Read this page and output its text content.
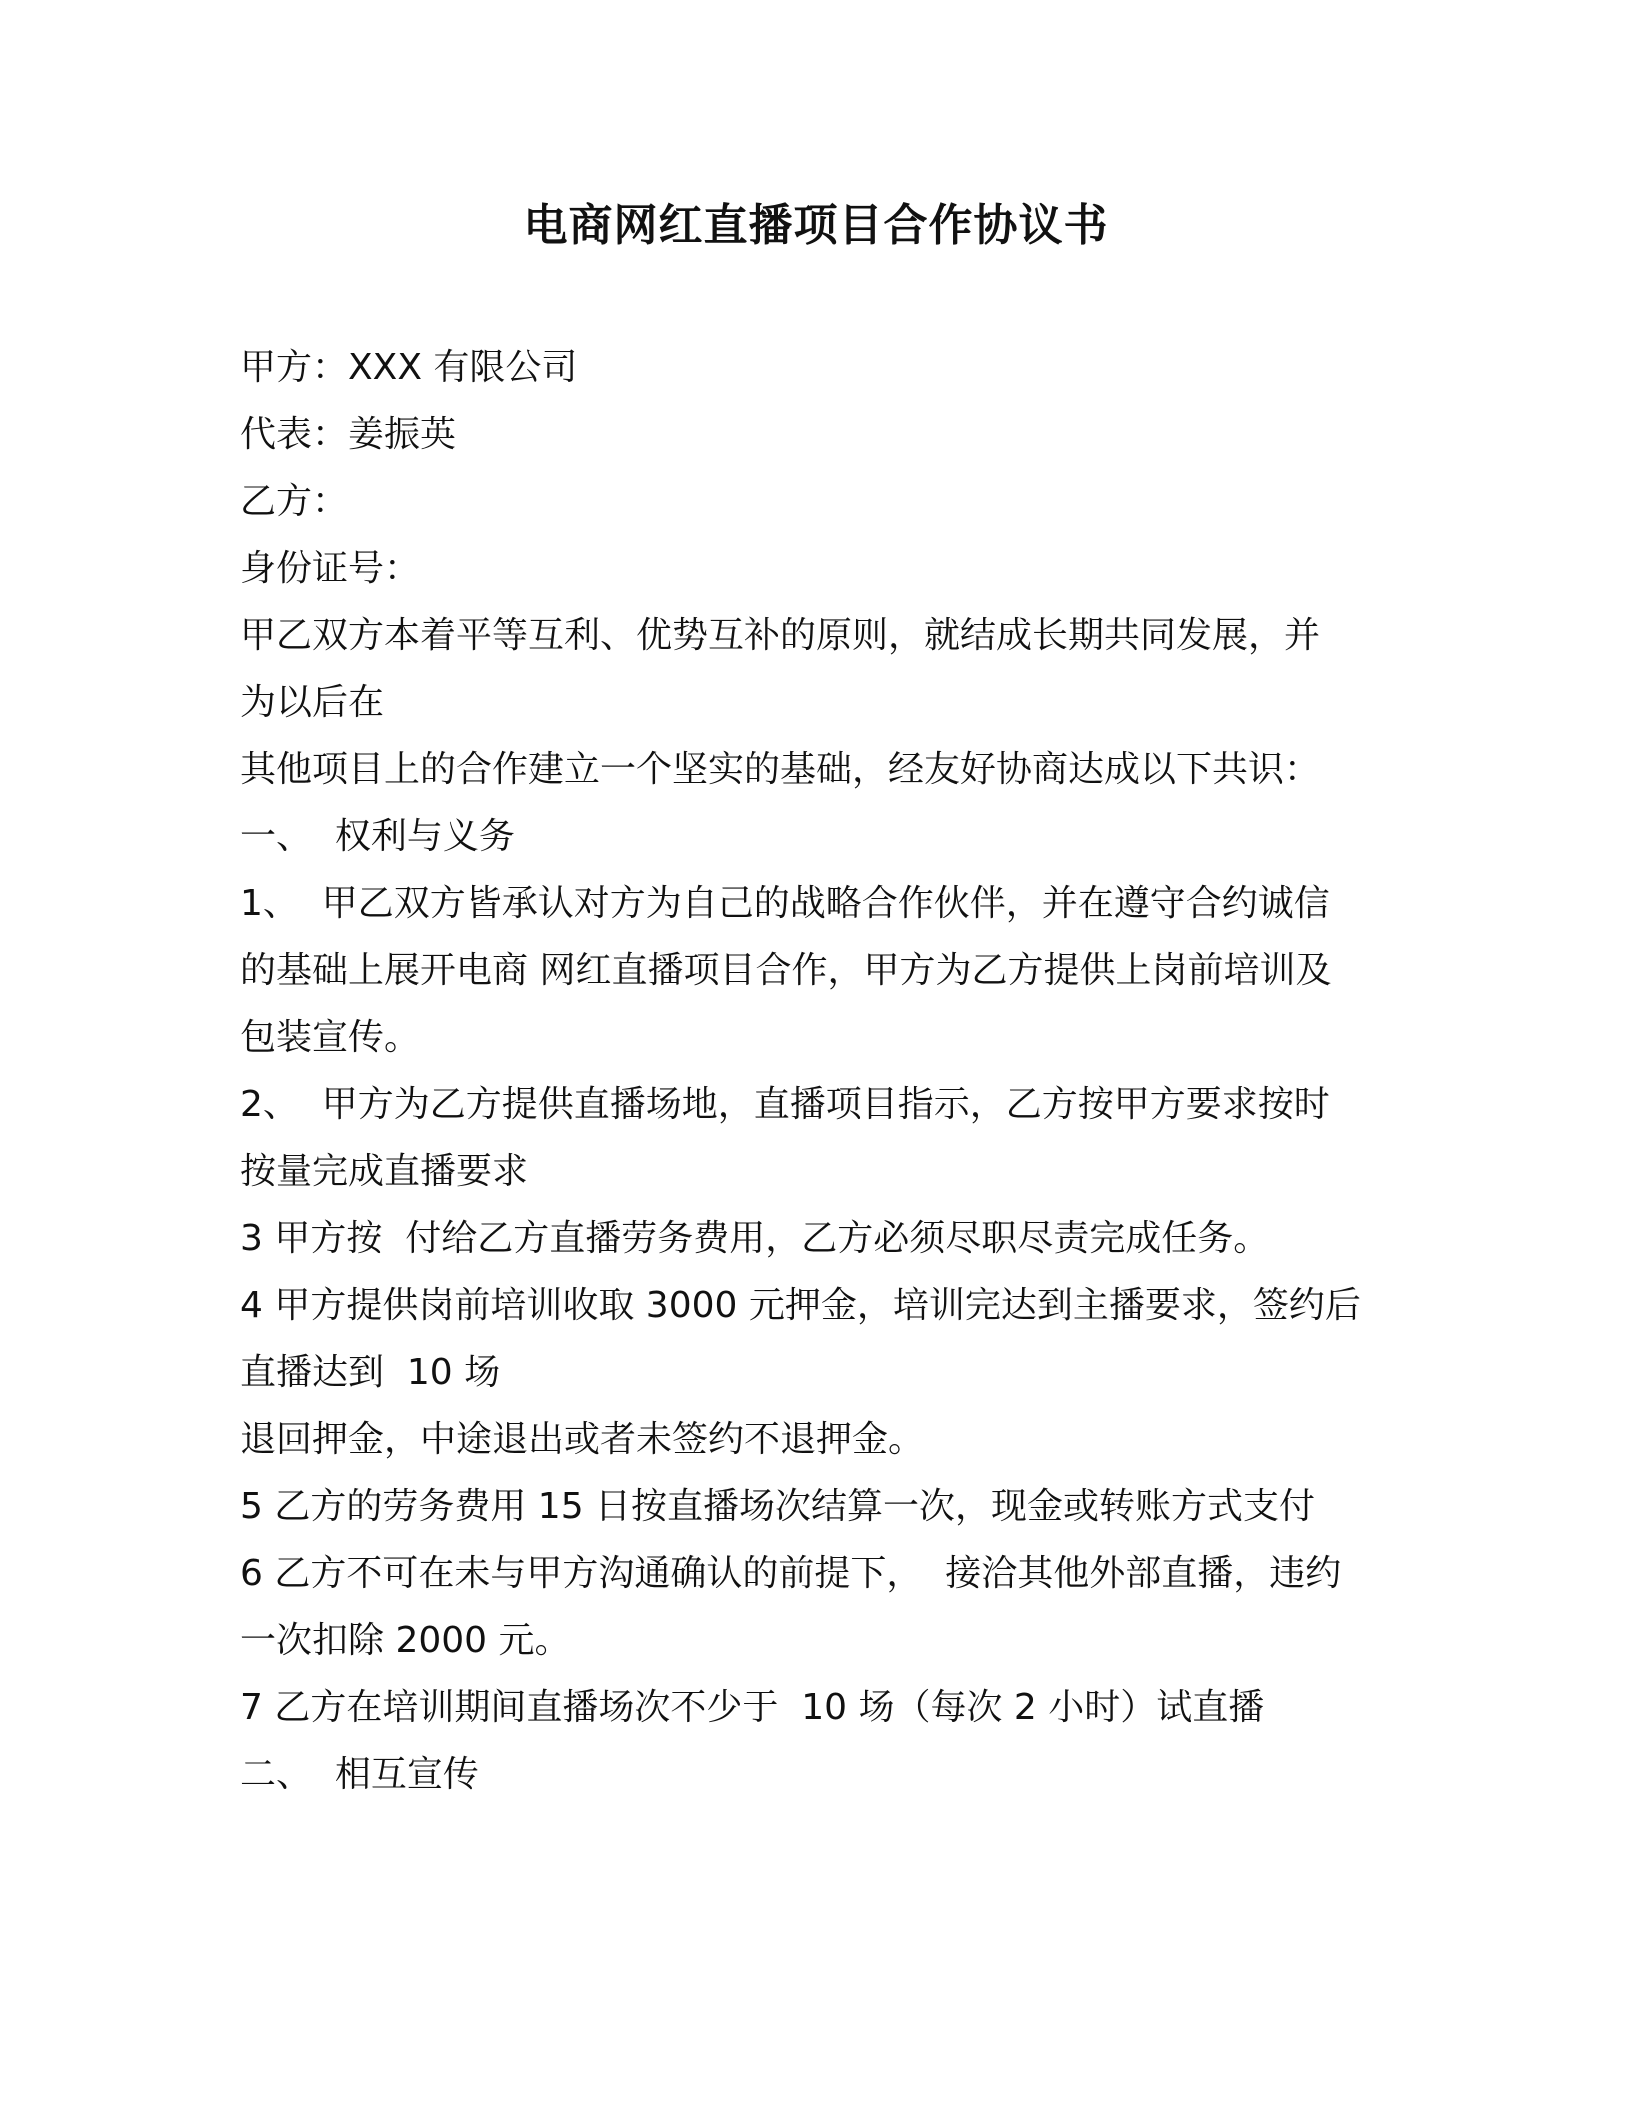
电商网红直播项目合作协议书
甲方：XXX 有限公司
代表：姜振英
乙方：
身份证号：
甲乙双方本着平等互利、优势互补的原则，就结成长期共同发展，并
为以后在
其他项目上的合作建立一个坚实的基础，经友好协商达成以下共识：
一、  权利与义务
1、  甲乙双方皆承认对方为自己的战略合作伙伴，并在遵守合约诚信
的基础上展开电商 网红直播项目合作，甲方为乙方提供上岗前培训及
包装宣传。
2、  甲方为乙方提供直播场地，直播项目指示，乙方按甲方要求按时
按量完成直播要求
3 甲方按  付给乙方直播劳务费用，乙方必须尽职尽责完成任务。
4 甲方提供岗前培训收取 3000 元押金，培训完达到主播要求，签约后
直播达到  10 场
退回押金，中途退出或者未签约不退押金。
5 乙方的劳务费用 15 日按直播场次结算一次，现金或转账方式支付
6 乙方不可在未与甲方沟通确认的前提下，  接洽其他外部直播，违约
一次扣除 2000 元。
7 乙方在培训期间直播场次不少于  10 场（每次 2 小时）试直播
二、  相互宣传
